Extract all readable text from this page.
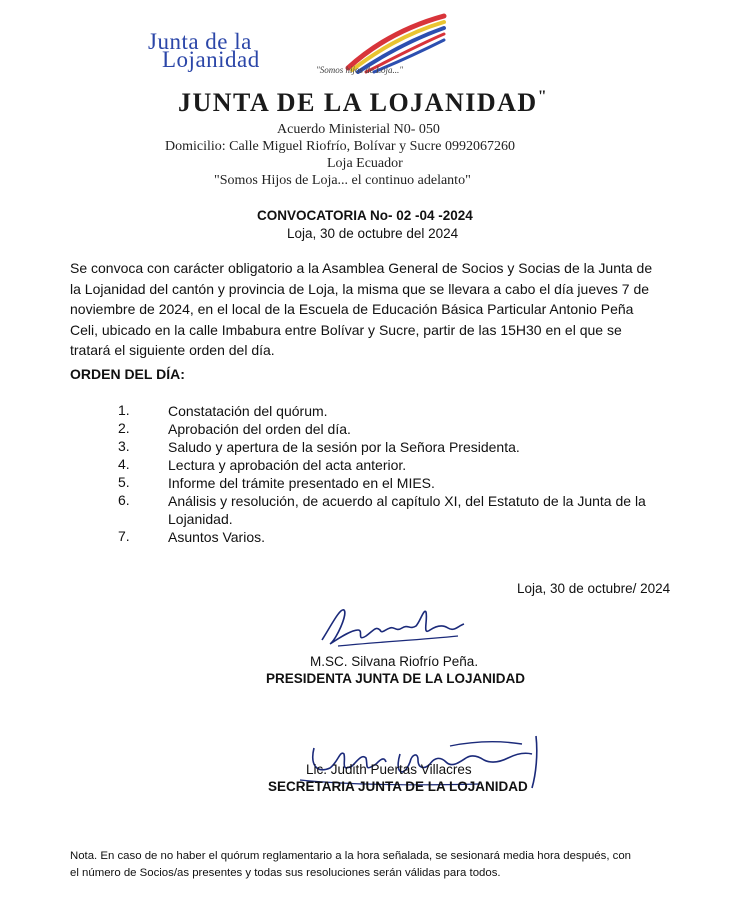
Junta de la
Lojanidad	"Somos hijos de Loja..."
JUNTA DE LA LOJANIDAD"
Acuerdo Ministerial N0- 050
Domicilio: Calle Miguel Riofrío, Bolívar y Sucre 0992067260
Loja Ecuador
"Somos Hijos de Loja... el continuo adelanto"
CONVOCATORIA No- 02 -04 -2024
Loja, 30 de octubre del 2024
Se convoca con carácter obligatorio a la Asamblea General de Socios y Socias de la Junta de
la Lojanidad del cantón y provincia de Loja, la misma que se llevara a cabo el día jueves 7 de
noviembre de 2024, en el local de la Escuela de Educación Básica Particular Antonio Peña
Celi, ubicado en la calle Imbabura entre Bolívar y Sucre, partir de las 15H30 en el que se
tratará el siguiente orden del día.
ORDEN DEL DÍA:
1.	Constatación del quórum.
2.	Aprobación del orden del día.
3.	Saludo y apertura de la sesión por la Señora Presidenta.
4.	Lectura y aprobación del acta anterior.
5.	Informe del trámite presentado en el MIES.
6.	Análisis y resolución, de acuerdo al capítulo XI, del Estatuto de la Junta de la
Lojanidad.
7.	Asuntos Varios.
Loja, 30 de octubre/ 2024
M.SC. Silvana Riofrío Peña.
PRESIDENTA JUNTA DE LA LOJANIDAD
Lic. Judith Puertas Villacres
SECRETARIA JUNTA DE LA LOJANIDAD
Nota. En caso de no haber el quórum reglamentario a la hora señalada, se sesionará media hora después, con
el número de Socios/as presentes y todas sus resoluciones serán válidas para todos.
